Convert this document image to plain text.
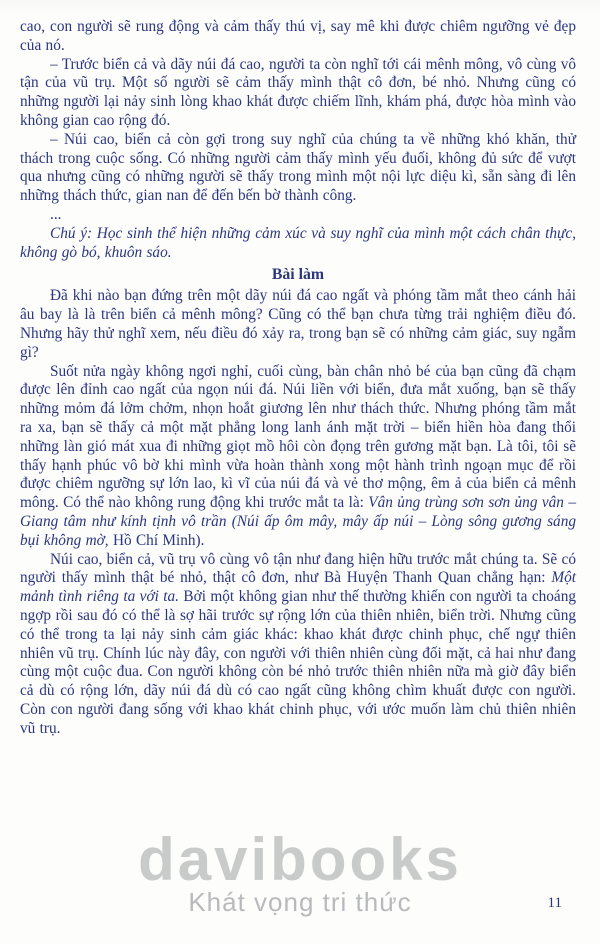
cao, con người sẽ rung động và cảm thấy thú vị, say mê khi được chiêm ngưỡng vẻ đẹp của nó.

– Trước biển cả và dãy núi đá cao, người ta còn nghĩ tới cái mênh mông, vô cùng vô tận của vũ trụ. Một số người sẽ cảm thấy mình thật cô đơn, bé nhỏ. Nhưng cũng có những người lại nảy sinh lòng khao khát được chiếm lĩnh, khám phá, được hòa mình vào không gian cao rộng đó.

– Núi cao, biển cả còn gợi trong suy nghĩ của chúng ta về những khó khăn, thử thách trong cuộc sống. Có những người cảm thấy mình yếu đuối, không đủ sức để vượt qua nhưng cũng có những người sẽ thấy trong mình một nội lực diệu kì, sẵn sàng đi lên những thách thức, gian nan để đến bến bờ thành công.

...

Chú ý: Học sinh thể hiện những cảm xúc và suy nghĩ của mình một cách chân thực, không gò bó, khuôn sáo.

Bài làm

Đã khi nào bạn đứng trên một dãy núi đá cao ngất và phóng tầm mắt theo cánh hải âu bay là là trên biển cả mênh mông? Cũng có thể bạn chưa từng trải nghiệm điều đó. Nhưng hãy thử nghĩ xem, nếu điều đó xảy ra, trong bạn sẽ có những cảm giác, suy ngẫm gì?

Suốt nửa ngày không ngơi nghỉ, cuối cùng, bàn chân nhỏ bé của bạn cũng đã chạm được lên đỉnh cao ngất của ngọn núi đá. Núi liền với biển, đưa mắt xuống, bạn sẽ thấy những mỏm đá lởm chởm, nhọn hoắt giương lên như thách thức. Nhưng phóng tầm mắt ra xa, bạn sẽ thấy cả một mặt phẳng long lanh ánh mặt trời – biển hiền hòa đang thổi những làn gió mát xua đi những giọt mồ hôi còn đọng trên gương mặt bạn. Là tôi, tôi sẽ thấy hạnh phúc vô bờ khi mình vừa hoàn thành xong một hành trình ngoạn mục để rồi được chiêm ngưỡng sự lớn lao, kì vĩ của núi đá và vẻ thơ mộng, êm ả của biển cả mênh mông. Có thể nào không rung động khi trước mắt ta là: Vân ủng trùng sơn sơn ủng vân – Giang tâm như kính tịnh vô trần (Núi ấp ôm mây, mây ấp núi – Lòng sông gương sáng bụi không mờ, Hồ Chí Minh).

Núi cao, biển cả, vũ trụ vô cùng vô tận như đang hiện hữu trước mắt chúng ta. Sẽ có người thấy mình thật bé nhỏ, thật cô đơn, như Bà Huyện Thanh Quan chẳng hạn: Một mảnh tình riêng ta với ta. Bởi một không gian như thế thường khiến con người ta choáng ngợp rồi sau đó có thể là sợ hãi trước sự rộng lớn của thiên nhiên, biển trời. Nhưng cũng có thể trong ta lại nảy sinh cảm giác khác: khao khát được chinh phục, chế ngự thiên nhiên vũ trụ. Chính lúc này đây, con người với thiên nhiên cùng đối mặt, cả hai như đang cùng một cuộc đua. Con người không còn bé nhỏ trước thiên nhiên nữa mà giờ đây biển cả dù có rộng lớn, dãy núi đá dù có cao ngất cũng không chìm khuất được con người. Còn con người đang sống với khao khát chinh phục, với ước muốn làm chủ thiên nhiên vũ trụ.

davibooks
Khát vọng tri thức	11
